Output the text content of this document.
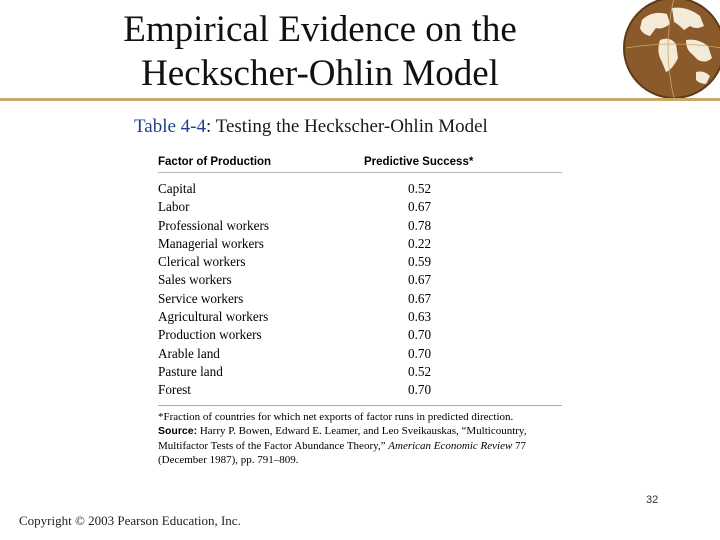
Empirical Evidence on the
Heckscher-Ohlin Model
Table 4-4: Testing the Heckscher-Ohlin Model
Factor of Production	Predictive Success*
Capital	0.52
Labor	0.67
Professional workers	0.78
Managerial workers	0.22
Clerical workers	0.59
Sales workers	0.67
Service workers	0.67
Agricultural workers	0.63
Production workers	0.70
Arable land	0.70
Pasture land	0.52
Forest	0.70
*Fraction of countries for which net exports of factor runs in predicted direction.
Source: Harry P. Bowen, Edward E. Leamer, and Leo Sveikauskas, “Multicountry, Multifactor Tests of the Factor Abundance Theory,” American Economic Review 77 (December 1987), pp. 791–809.
32
Copyright © 2003 Pearson Education, Inc.
